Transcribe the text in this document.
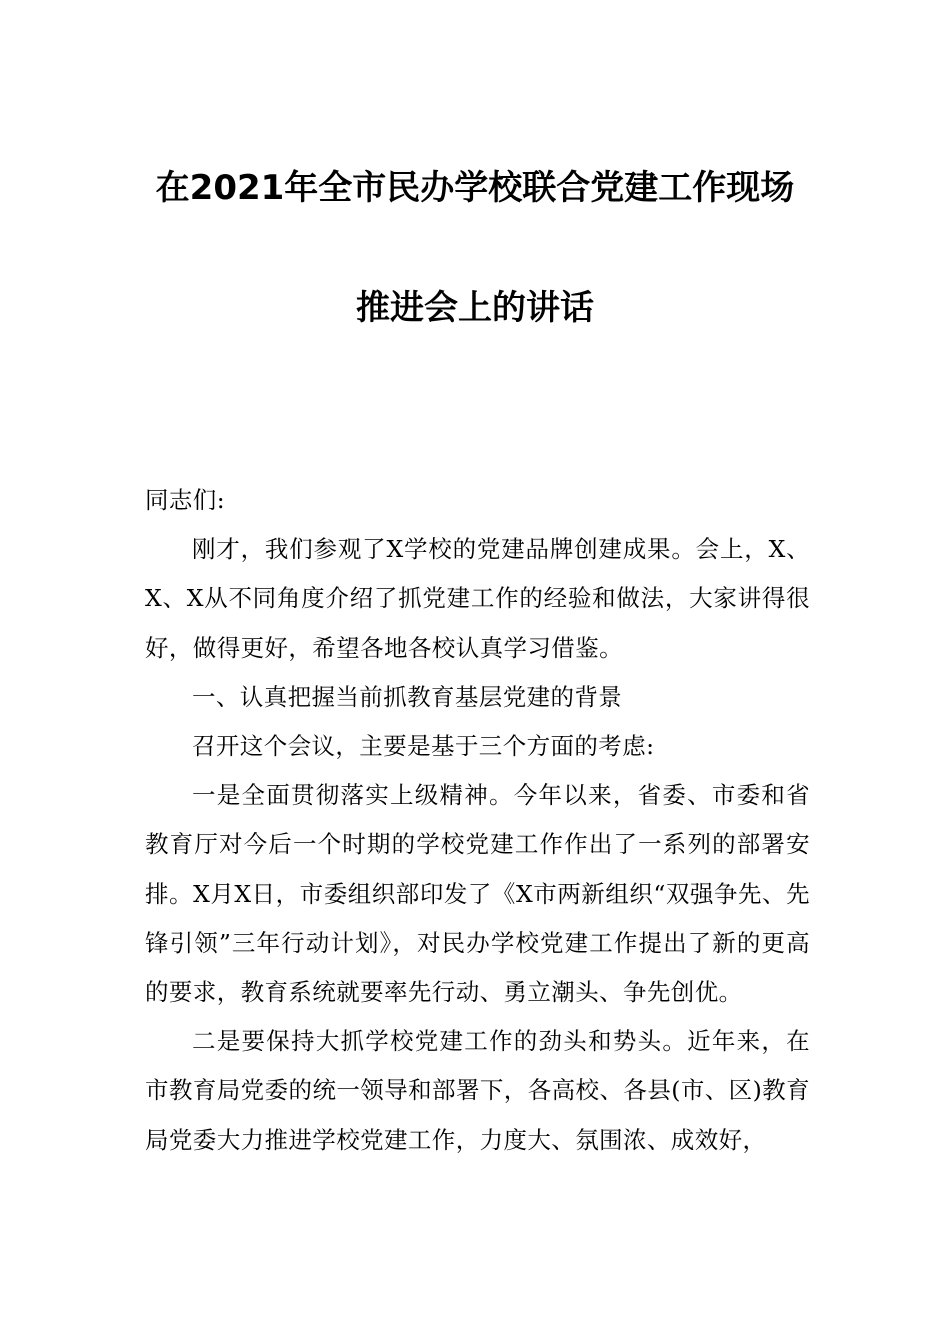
在2021年全市民办学校联合党建工作现场
推进会上的讲话

同志们:

刚才，我们参观了X学校的党建品牌创建成果。会上，X、X、X从不同角度介绍了抓党建工作的经验和做法，大家讲得很好，做得更好，希望各地各校认真学习借鉴。

一、认真把握当前抓教育基层党建的背景

召开这个会议，主要是基于三个方面的考虑:

一是全面贯彻落实上级精神。今年以来，省委、市委和省教育厅对今后一个时期的学校党建工作作出了一系列的部署安排。X月X日，市委组织部印发了《X市两新组织“双强争先、先锋引领”三年行动计划》，对民办学校党建工作提出了新的更高的要求，教育系统就要率先行动、勇立潮头、争先创优。

二是要保持大抓学校党建工作的劲头和势头。近年来，在市教育局党委的统一领导和部署下，各高校、各县(市、区)教育局党委大力推进学校党建工作，力度大、氛围浓、成效好，
